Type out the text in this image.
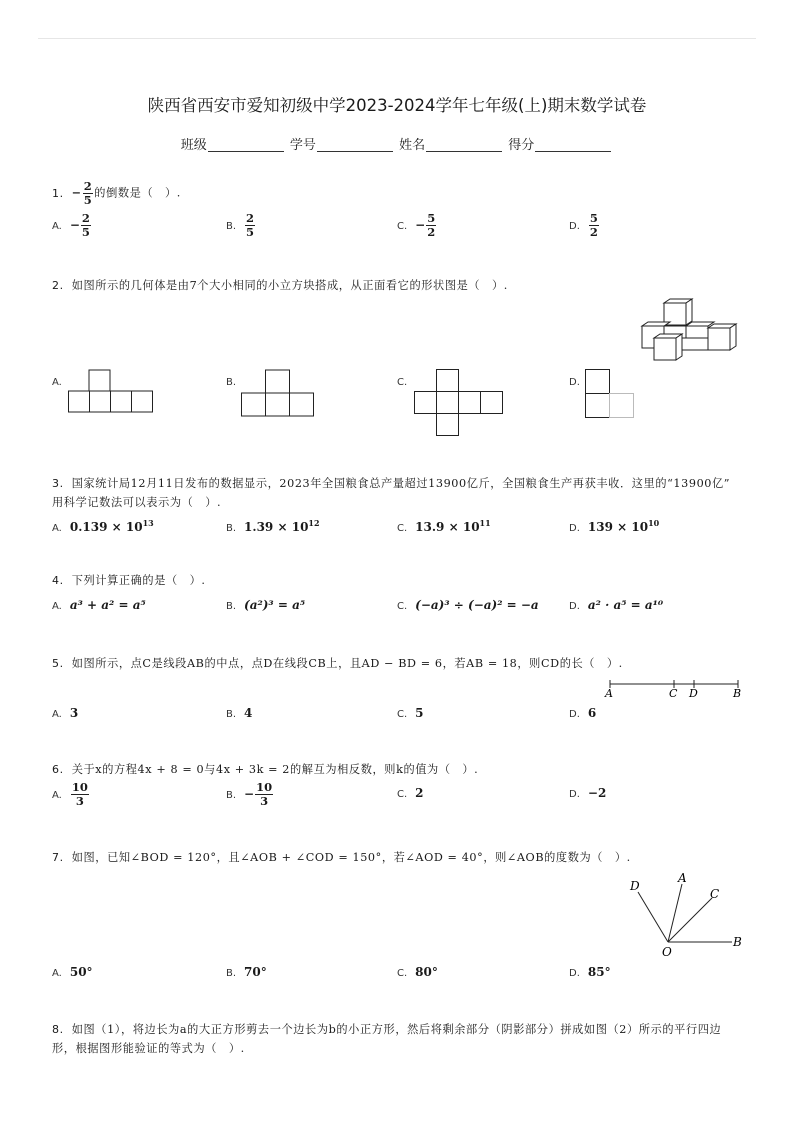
陕西省西安市爱知初级中学2023-2024学年七年级(上)期末数学试卷
班级	学号	姓名	得分
1. − $\frac{2}{5}$ 的倒数是（　）.
A. − $\frac{2}{5}$	B. $\frac{2}{5}$	C. − $\frac{5}{2}$	D. $\frac{5}{2}$
2. 如图所示的几何体是由7个大小相同的小立方块搭成，从正面看它的形状图是（　）.
A.	B.	C.	D.
3. 国家统计局12月11日发布的数据显示，2023年全国粮食总产量超过13900亿斤，全国粮食生产再获丰收．这里的“13900亿”
用科学记数法可以表示为（　）.
A. $0.139 \times 10^{13}$	B. $1.39 \times 10^{12}$	C. $13.9 \times 10^{11}$	D. $139 \times 10^{10}$
4. 下列计算正确的是（　）.
A. a³ + a² = a⁵	B. (a²)³ = a⁵	C. (−a)³ ÷ (−a)² = −a	D. a² · a⁵ = a¹⁰
5. 如图所示，点C是线段AB的中点，点D在线段CB上，且AD − BD = 6，若AB = 18，则CD的长（　）.
A	C D	B
A. 3	B. 4	C. 5	D. 6
6. 关于x的方程4x + 8 = 0与4x + 3k = 2的解互为相反数，则k的值为（　）.
A. $\frac{10}{3}$	B. − $\frac{10}{3}$	C. 2	D. −2
7. 如图，已知∠BOD = 120°，且∠AOB + ∠COD = 150°，若∠AOD = 40°，则∠AOB的度数为（　）.
D
A
C
O
B
A. 50°	B. 70°	C. 80°	D. 85°
8. 如图（1），将边长为a的大正方形剪去一个边长为b的小正方形，然后将剩余部分（阴影部分）拼成如图（2）所示的平行四边
形，根据图形能验证的等式为（　）.
